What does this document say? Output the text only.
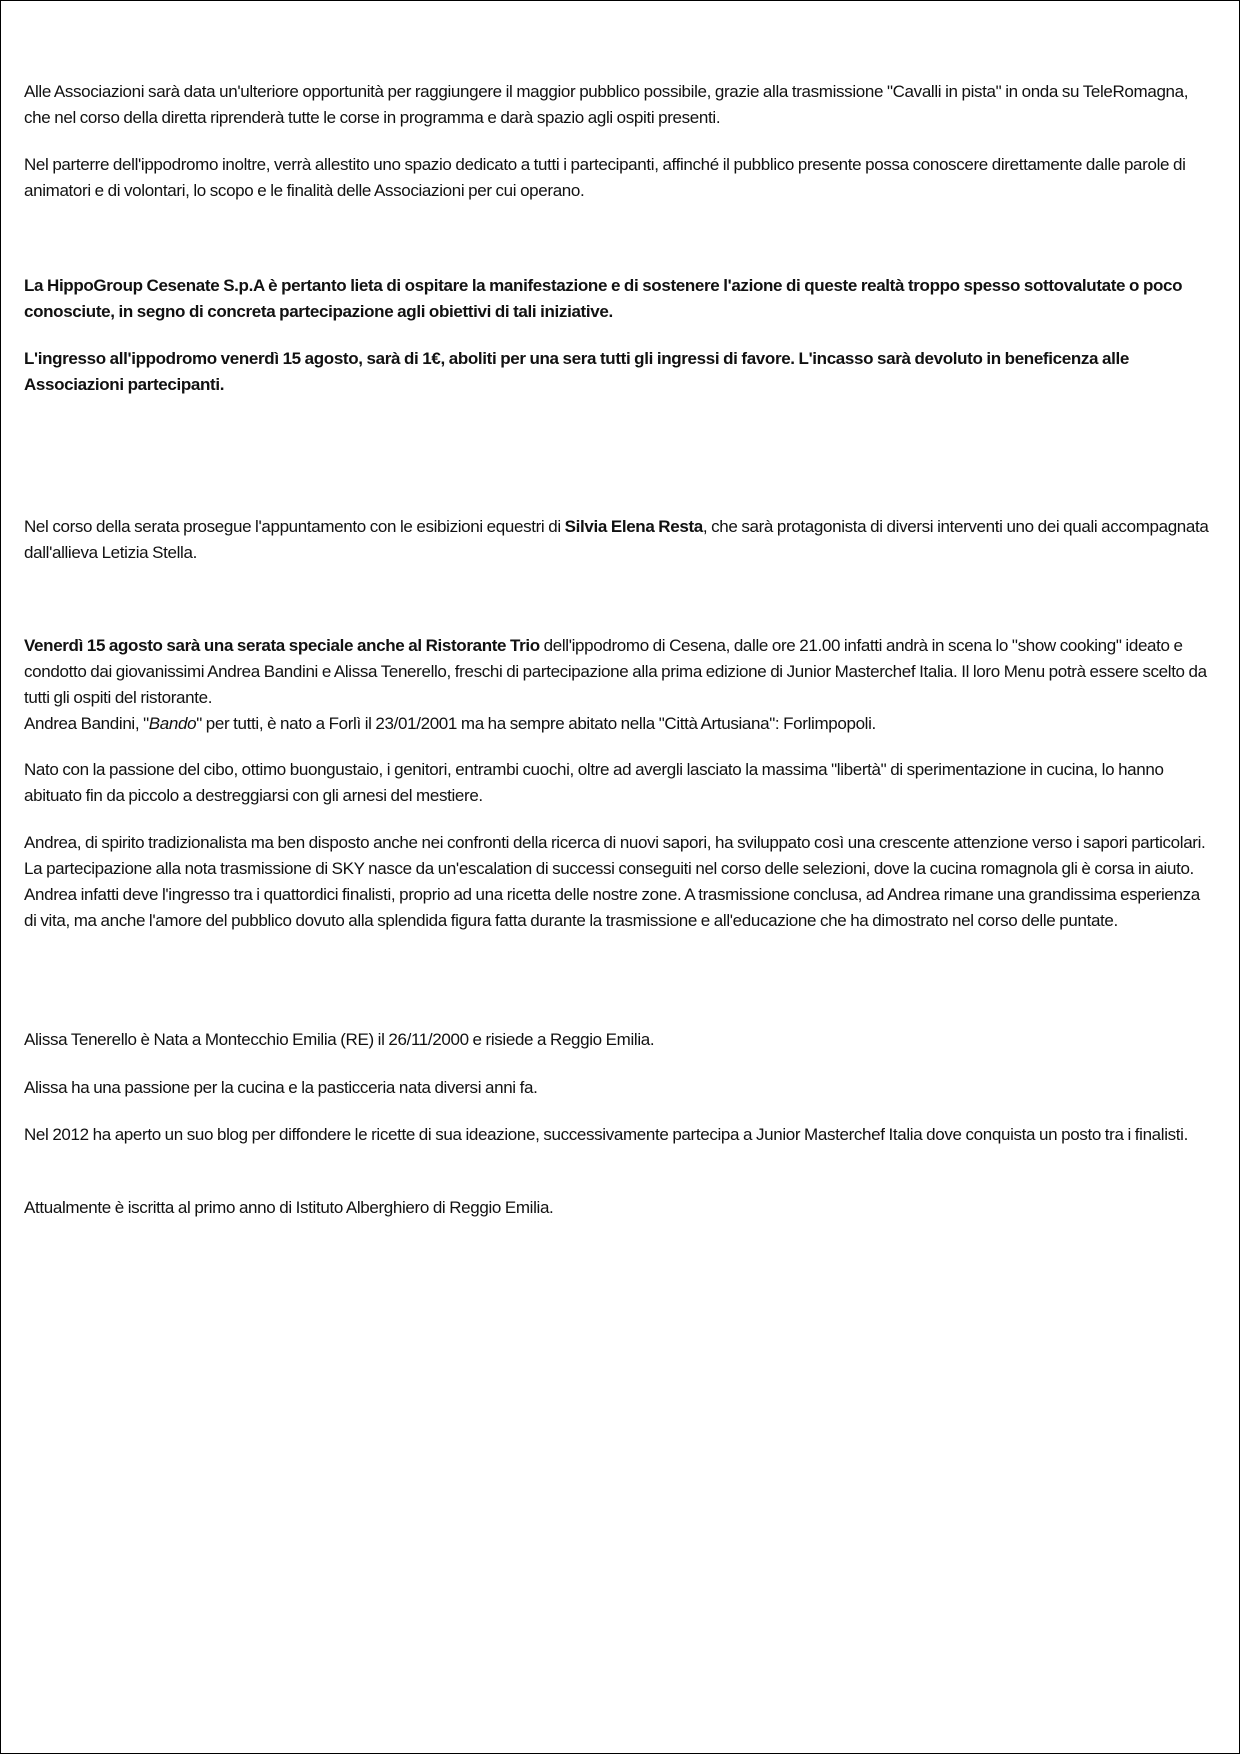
Alle Associazioni sarà data un'ulteriore opportunità per raggiungere il maggior pubblico possibile, grazie alla trasmissione "Cavalli in pista" in onda su TeleRomagna, che nel corso della diretta riprenderà tutte le corse in programma e darà spazio agli ospiti presenti.

Nel parterre dell'ippodromo inoltre, verrà allestito uno spazio dedicato a tutti i partecipanti, affinché il pubblico presente possa conoscere direttamente dalle parole di animatori e di volontari, lo scopo e le finalità delle Associazioni per cui operano.

La HippoGroup Cesenate S.p.A è pertanto lieta di ospitare la manifestazione e di sostenere l'azione di queste realtà troppo spesso sottovalutate o poco conosciute, in segno di concreta partecipazione agli obiettivi di tali iniziative.

L'ingresso all'ippodromo venerdì 15 agosto, sarà di 1€, aboliti per una sera tutti gli ingressi di favore. L'incasso sarà devoluto in beneficenza alle Associazioni partecipanti.

Nel corso della serata prosegue l'appuntamento con le esibizioni equestri di Silvia Elena Resta, che sarà protagonista di diversi interventi uno dei quali accompagnata dall'allieva Letizia Stella.

Venerdì 15 agosto sarà una serata speciale anche al Ristorante Trio dell'ippodromo di Cesena, dalle ore 21.00 infatti andrà in scena lo "show cooking" ideato e condotto dai giovanissimi Andrea Bandini e Alissa Tenerello, freschi di partecipazione alla prima edizione di Junior Masterchef Italia. Il loro Menu potrà essere scelto da tutti gli ospiti del ristorante.

Andrea Bandini, "Bando" per tutti, è nato a Forlì il 23/01/2001 ma ha sempre abitato nella "Città Artusiana": Forlimpopoli.

Nato con la passione del cibo, ottimo buongustaio, i genitori, entrambi cuochi, oltre ad avergli lasciato la massima "libertà" di sperimentazione in cucina, lo hanno abituato fin da piccolo a destreggiarsi con gli arnesi del mestiere.

Andrea, di spirito tradizionalista ma ben disposto anche nei confronti della ricerca di nuovi sapori, ha sviluppato così una crescente attenzione verso i sapori particolari. La partecipazione alla nota trasmissione di SKY nasce da un'escalation di successi conseguiti nel corso delle selezioni, dove la cucina romagnola gli è corsa in aiuto. Andrea infatti deve l'ingresso tra i quattordici finalisti, proprio ad una ricetta delle nostre zone. A trasmissione conclusa, ad Andrea rimane una grandissima esperienza di vita, ma anche l'amore del pubblico dovuto alla splendida figura fatta durante la trasmissione e all'educazione che ha dimostrato nel corso delle puntate.

Alissa Tenerello è Nata a Montecchio Emilia (RE) il 26/11/2000 e risiede a Reggio Emilia.

Alissa ha una passione per la cucina e la pasticceria nata diversi anni fa.

Nel 2012 ha aperto un suo blog per diffondere le ricette di sua ideazione, successivamente partecipa a Junior Masterchef Italia dove conquista un posto tra i finalisti.

Attualmente è iscritta al primo anno di Istituto Alberghiero di Reggio Emilia.
